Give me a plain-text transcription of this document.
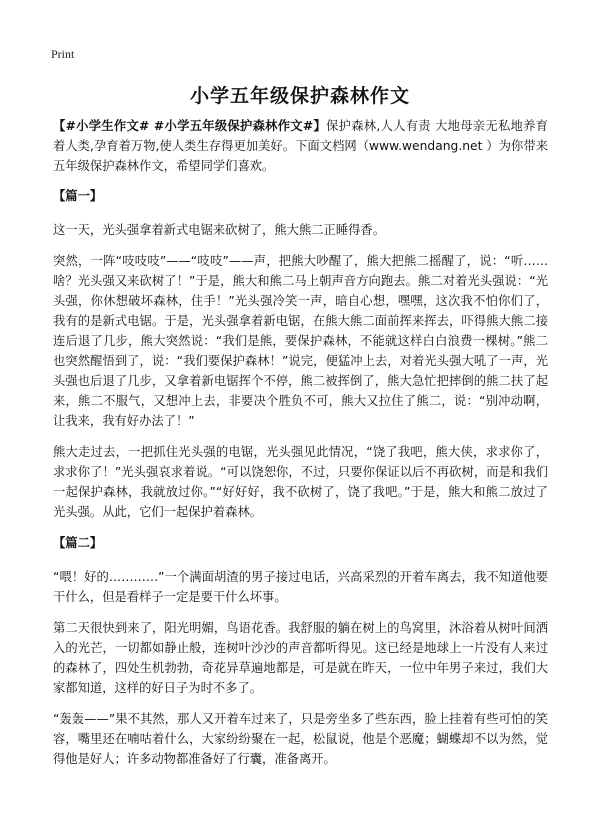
Print
小学五年级保护森林作文

【#小学生作文# #小学五年级保护森林作文#】保护森林,人人有责 大地母亲无私地养育着人类,孕育着万物,使人类生存得更加美好。下面文档网（www.wendang.net ）为你带来五年级保护森林作文，希望同学们喜欢。

【篇一】

这一天，光头强拿着新式电锯来砍树了，熊大熊二正睡得香。

突然，一阵“吱吱吱”——“吱吱”——声，把熊大吵醒了，熊大把熊二摇醒了，说：“听……啥？光头强又来砍树了！”于是，熊大和熊二马上朝声音方向跑去。熊二对着光头强说：“光头强，你休想破坏森林，住手！”光头强冷笑一声，暗自心想，嘿嘿，这次我不怕你们了，我有的是新式电锯。于是，光头强拿着新电锯，在熊大熊二面前挥来挥去，吓得熊大熊二接连后退了几步，熊大突然说：“我们是熊，要保护森林，不能就这样白白浪费一棵树。”熊二也突然醒悟到了，说：“我们要保护森林！”说完，便猛冲上去，对着光头强大吼了一声，光头强也后退了几步，又拿着新电锯挥个不停，熊二被挥倒了，熊大急忙把摔倒的熊二扶了起来，熊二不服气，又想冲上去，非要决个胜负不可，熊大又拉住了熊二，说：“别冲动啊，让我来，我有好办法了！”

熊大走过去，一把抓住光头强的电锯，光头强见此情况，“饶了我吧，熊大侠，求求你了，求求你了！”光头强哀求着说。“可以饶恕你，不过，只要你保证以后不再砍树，而是和我们一起保护森林，我就放过你。”“好好好，我不砍树了，饶了我吧。”于是，熊大和熊二放过了光头强。从此，它们一起保护着森林。

【篇二】

“喂！好的…………”一个满面胡渣的男子接过电话，兴高采烈的开着车离去，我不知道他要干什么，但是看样子一定是要干什么坏事。

第二天很快到来了，阳光明媚，鸟语花香。我舒服的躺在树上的鸟窝里，沐浴着从树叶间洒入的光芒，一切都如静止般，连树叶沙沙的声音都听得见。这已经是地球上一片没有人来过的森林了，四处生机勃勃，奇花异草遍地都是，可是就在昨天，一位中年男子来过，我们大家都知道，这样的好日子为时不多了。

“轰轰——”果不其然，那人又开着车过来了，只是旁坐多了些东西，脸上挂着有些可怕的笑容，嘴里还在喃咕着什么，大家纷纷聚在一起，松鼠说，他是个恶魔；蝴蝶却不以为然，觉得他是好人；许多动物都准备好了行囊，准备离开。
